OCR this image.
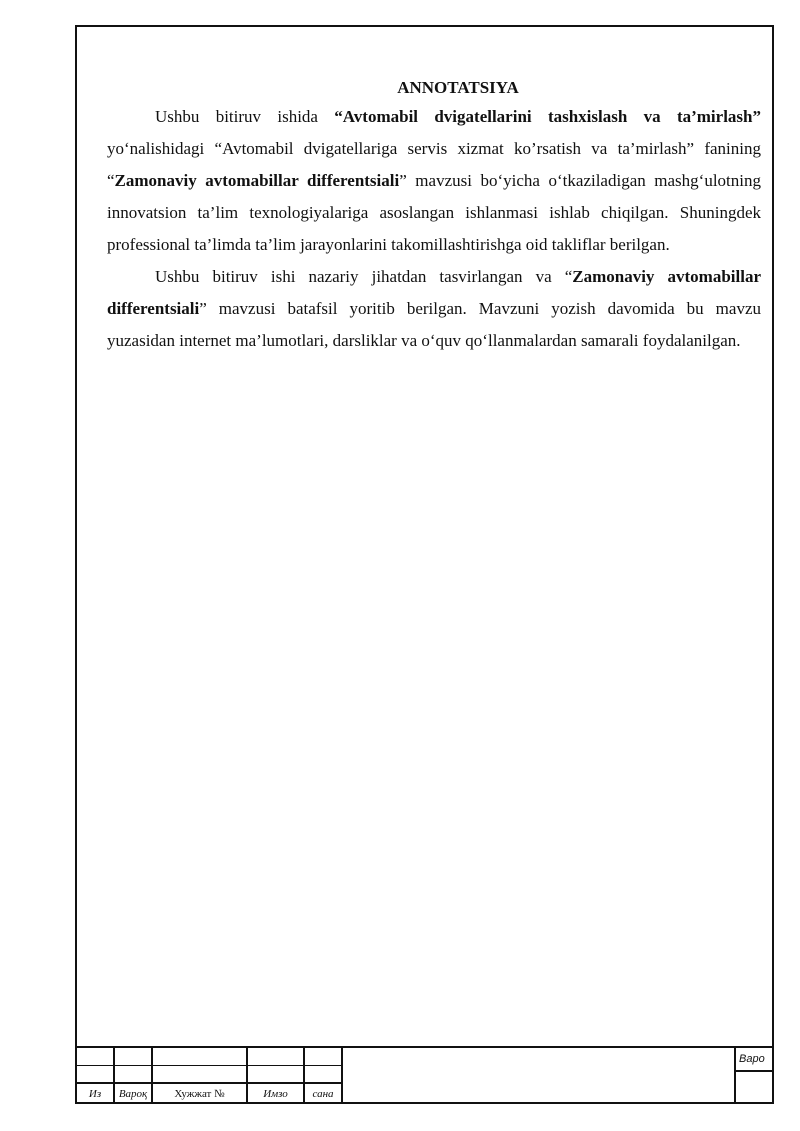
ANNOTATSIYA

Ushbu bitiruv ishida “Avtomabil dvigatellarini tashxislash va ta’mirlash” yo‘nalishidagi “Avtomabil dvigatellariga servis xizmat ko’rsatish va ta’mirlash” fanining “Zamonaviy avtomabillar differentsiali” mavzusi bo‘yicha o‘tkaziladigan mashg‘ulotning innovatsion ta’lim texnologiyalariga asoslangan ishlanmasi ishlab chiqilgan. Shuningdek professional ta’limda ta’lim jarayonlarini takomillashtirishga oid takliflar berilgan.

Ushbu bitiruv ishi nazariy jihatdan tasvirlangan va “Zamonaviy avtomabillar differentsiali” mavzusi batafsil yoritib berilgan. Mavzuni yozish davomida bu mavzu yuzasidan internet ma’lumotlari, darsliklar va o‘quv qo‘llanmalardan samarali foydalanilgan.

Из	Вароқ	Хужжат №	Имзо	сана
Варо
